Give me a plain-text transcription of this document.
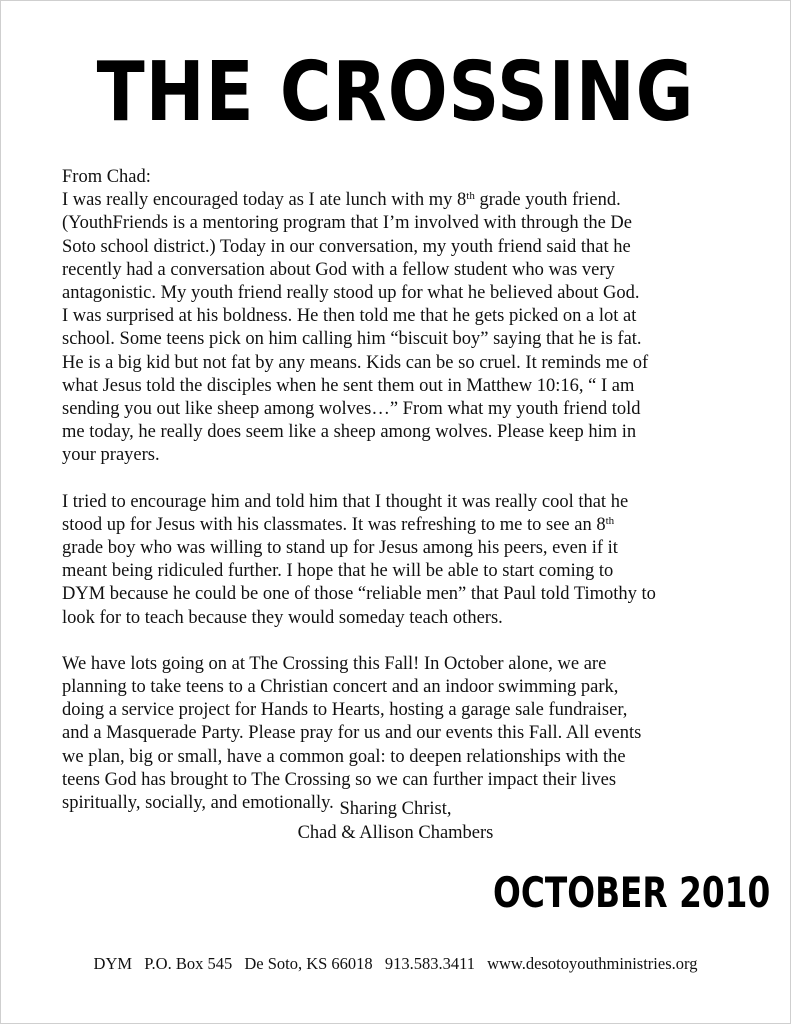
THE CROSSING
From Chad:

I was really encouraged today as I ate lunch with my 8th grade youth friend.
(YouthFriends is a mentoring program that I’m involved with through the De
Soto school district.) Today in our conversation, my youth friend said that he
recently had a conversation about God with a fellow student who was very
antagonistic. My youth friend really stood up for what he believed about God.
I was surprised at his boldness. He then told me that he gets picked on a lot at
school. Some teens pick on him calling him “biscuit boy” saying that he is fat.
He is a big kid but not fat by any means. Kids can be so cruel. It reminds me of
what Jesus told the disciples when he sent them out in Matthew 10:16, “ I am
sending you out like sheep among wolves…” From what my youth friend told
me today, he really does seem like a sheep among wolves. Please keep him in
your prayers.

I tried to encourage him and told him that I thought it was really cool that he
stood up for Jesus with his classmates. It was refreshing to me to see an 8th
grade boy who was willing to stand up for Jesus among his peers, even if it
meant being ridiculed further. I hope that he will be able to start coming to
DYM because he could be one of those “reliable men” that Paul told Timothy to
look for to teach because they would someday teach others.

We have lots going on at The Crossing this Fall! In October alone, we are
planning to take teens to a Christian concert and an indoor swimming park,
doing a service project for Hands to Hearts, hosting a garage sale fundraiser,
and a Masquerade Party. Please pray for us and our events this Fall. All events
we plan, big or small, have a common goal: to deepen relationships with the
teens God has brought to The Crossing so we can further impact their lives
spiritually, socially, and emotionally. Sharing Christ,
Chad & Allison Chambers
OCTOBER 2010
DYM P.O. Box 545 De Soto, KS 66018 913.583.3411 www.desotoyouthministries.org
